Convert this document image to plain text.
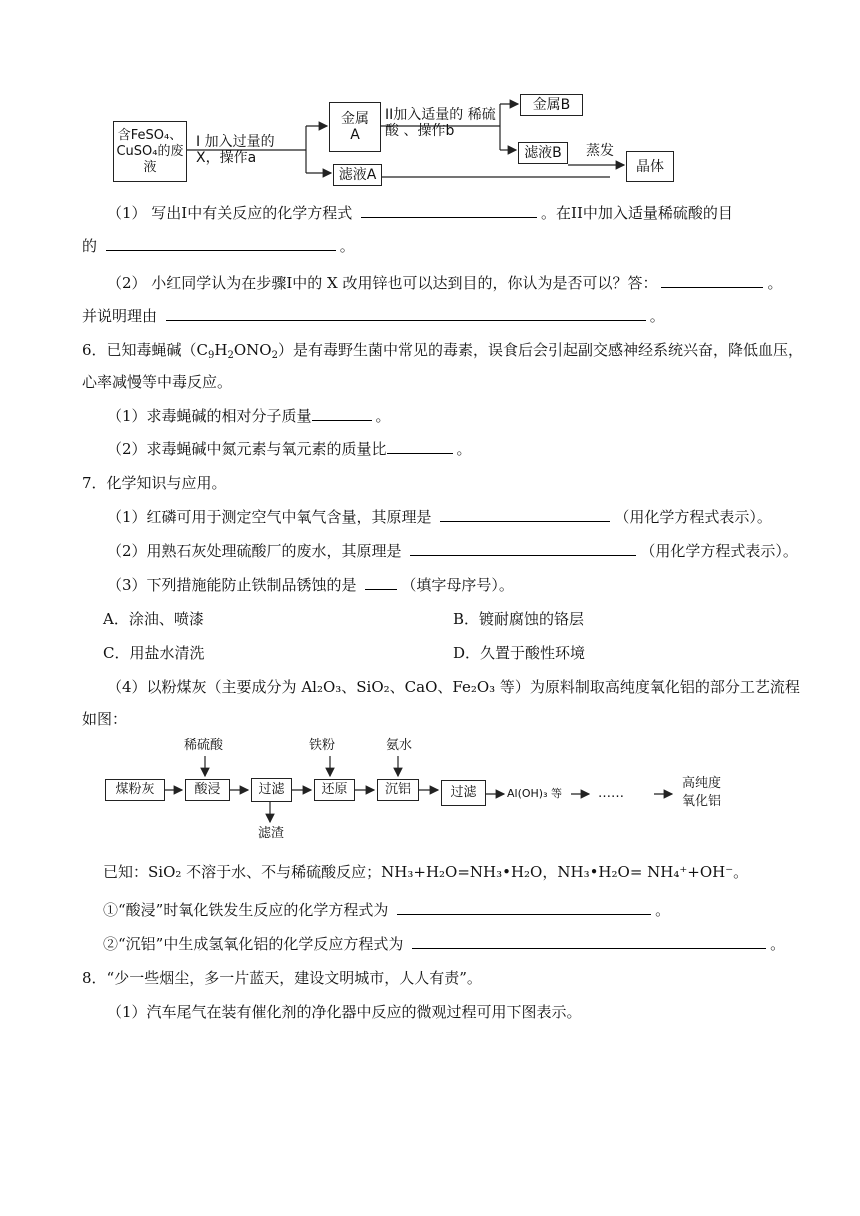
含FeSO₄、CuSO₄的废液
I 加入过量的 X，操作a
金属 A
滤液A
II加入适量的 稀硫酸 、操作b
金属B
滤液B 蒸发
晶体
（1） 写出I中有关反应的化学方程式	。在II中加入适量稀硫酸的目
的	。
（2） 小红同学认为在步骤I中的 X 改用锌也可以达到目的，你认为是否可以？答：	。
并说明理由	。
6．已知毒蝇碱$(C_9H_2ONO_2)$是有毒野生菌中常见的毒素，误食后会引起副交感神经系统兴奋，降低血压，
心率减慢等中毒反应。
（1）求毒蝇碱的相对分子质量	。
（2）求毒蝇碱中氮元素与氧元素的质量比	。
7．化学知识与应用。
（1）红磷可用于测定空气中氧气含量，其原理是	（用化学方程式表示）。
（2）用熟石灰处理硫酸厂的废水，其原理是	（用化学方程式表示）。
（3）下列措施能防止铁制品锈蚀的是	（填字母序号）。
A．涂油、喷漆	B．镀耐腐蚀的铬层
C．用盐水清洗	D．久置于酸性环境
（4）以粉煤灰（主要成分为 Al₂O₃、SiO₂、CaO、Fe₂O₃ 等）为原料制取高纯度氧化铝的部分工艺流程
如图：
煤粉灰
稀硫酸
酸浸	过滤
滤渣
铁粉
还原
氨水
沉铝	过滤	Al(OH)₃ 等	……
高纯度
氧化铝
已知：SiO₂ 不溶于水、不与稀硫酸反应；NH₃+H₂O=NH₃•H₂O，NH₃•H₂O= NH₄⁺+OH⁻。
①“酸浸”时氧化铁发生反应的化学方程式为	。
②“沉铝”中生成氢氧化铝的化学反应方程式为	。
8．“少一些烟尘，多一片蓝天，建设文明城市，人人有责”。
（1）汽车尾气在装有催化剂的净化器中反应的微观过程可用下图表示。
